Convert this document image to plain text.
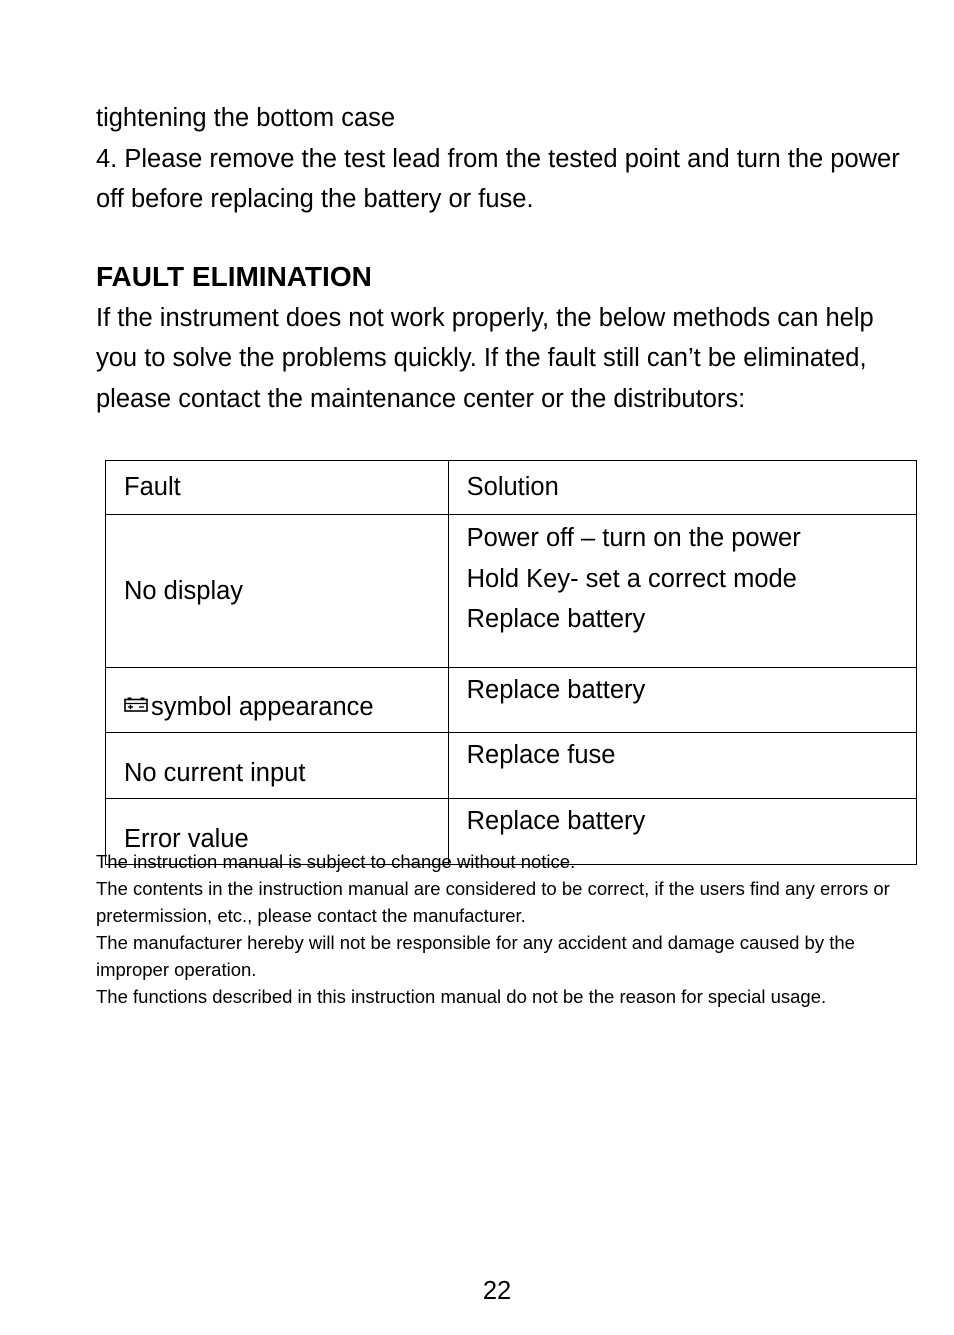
tightening the bottom case

4. Please remove the test lead from the tested point and turn the power off before replacing the battery or fuse.

FAULT ELIMINATION

If the instrument does not work properly, the below methods can help you to solve the problems quickly. If the fault still can’t be eliminated, please contact the maintenance center or the distributors:

Fault	Solution
No display	Power off – turn on the power
Hold Key- set a correct mode
Replace battery

symbol appearance	Replace battery
No current input	Replace fuse
Error value	Replace battery

The instruction manual is subject to change without notice.

The contents in the instruction manual are considered to be correct, if the users find any errors or pretermission, etc., please contact the manufacturer.

The manufacturer hereby will not be responsible for any accident and damage caused by the improper operation.

The functions described in this instruction manual do not be the reason for special usage.

22
